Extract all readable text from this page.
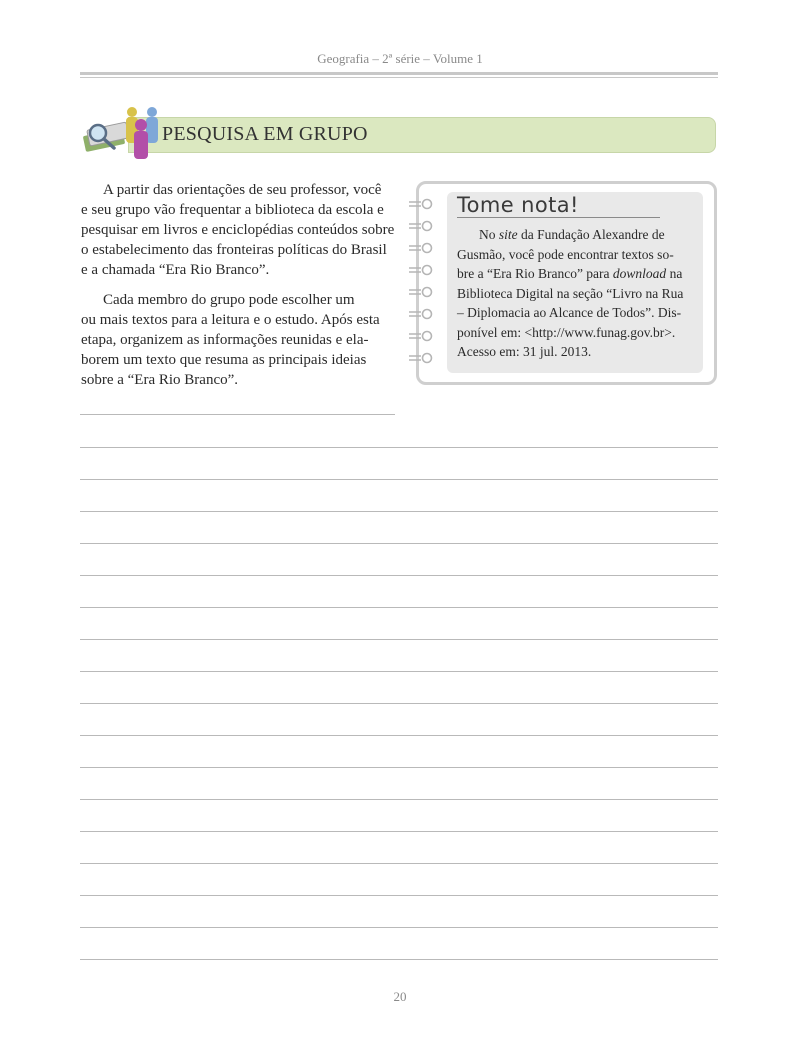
Geografia – 2ª série – Volume 1
PESQUISA EM GRUPO

A partir das orientações de seu professor, você
e seu grupo vão frequentar a biblioteca da escola e
pesquisar em livros e enciclopédias conteúdos sobre
o estabelecimento das fronteiras políticas do Brasil
e a chamada “Era Rio Branco”.

Cada membro do grupo pode escolher um
ou mais textos para a leitura e o estudo. Após esta
etapa, organizem as informações reunidas e ela-
borem um texto que resuma as principais ideias
sobre a “Era Rio Branco”.

Tome nota!

No site da Fundação Alexandre de
Gusmão, você pode encontrar textos so-
bre a “Era Rio Branco” para download na
Biblioteca Digital na seção “Livro na Rua
– Diplomacia ao Alcance de Todos”. Dis-
ponível em: <http://www.funag.gov.br>.
Acesso em: 31 jul. 2013.

20
